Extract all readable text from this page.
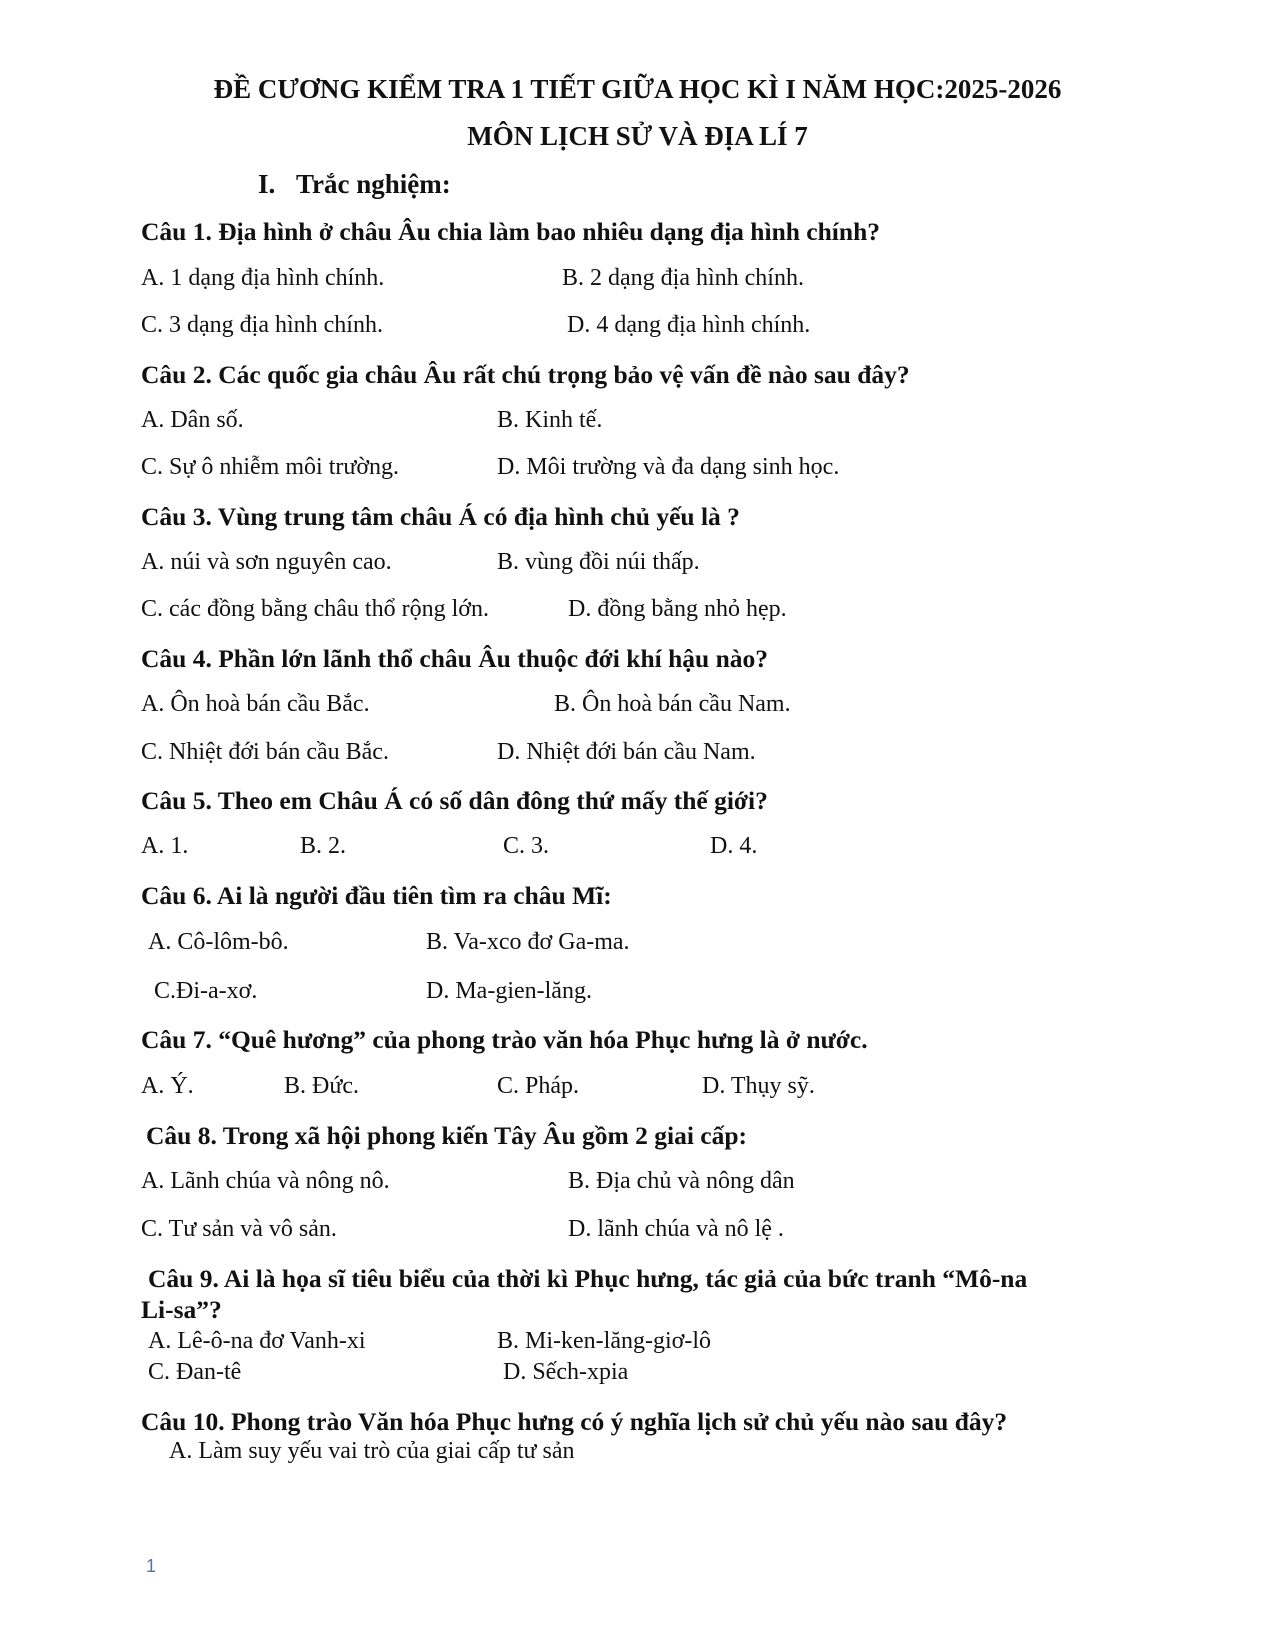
ĐỀ CƯƠNG KIỂM TRA 1 TIẾT GIỮA HỌC KÌ I NĂM HỌC:2025-2026
MÔN LỊCH SỬ VÀ ĐỊA LÍ 7
I. Trắc nghiệm:
Câu 1. Địa hình ở châu Âu chia làm bao nhiêu dạng địa hình chính?
A. 1 dạng địa hình chính.	B. 2 dạng địa hình chính.
C. 3 dạng địa hình chính.	D. 4 dạng địa hình chính.
Câu 2. Các quốc gia châu Âu rất chú trọng bảo vệ vấn đề nào sau đây?
A. Dân số.	B. Kinh tế.
C. Sự ô nhiễm môi trường.	D. Môi trường và đa dạng sinh học.
Câu 3. Vùng trung tâm châu Á có địa hình chủ yếu là ?
A. núi và sơn nguyên cao.	B. vùng đồi núi thấp.
C. các đồng bằng châu thổ rộng lớn.	D. đồng bằng nhỏ hẹp.
Câu 4. Phần lớn lãnh thổ châu Âu thuộc đới khí hậu nào?
A. Ôn hoà bán cầu Bắc.	B. Ôn hoà bán cầu Nam.
C. Nhiệt đới bán cầu Bắc.	D. Nhiệt đới bán cầu Nam.
Câu 5. Theo em Châu Á có số dân đông thứ mấy thế giới?
A. 1.	B. 2.	C. 3.	D. 4.
Câu 6. Ai là người đầu tiên tìm ra châu Mĩ:
A. Cô-lôm-bô.	B. Va-xco đơ Ga-ma.
C.Đi-a-xơ.	D. Ma-gien-lăng.
Câu 7. “Quê hương” của phong trào văn hóa Phục hưng là ở nước.
A. Ý.	B. Đức.	C. Pháp.	D. Thụy sỹ.
Câu 8. Trong xã hội phong kiến Tây Âu gồm 2 giai cấp:
A. Lãnh chúa và nông nô.	B. Địa chủ và nông dân
C. Tư sản và vô sản.	D. lãnh chúa và nô lệ .
Câu 9. Ai là họa sĩ tiêu biểu của thời kì Phục hưng, tác giả của bức tranh “Mô-na
Li-sa”?
A. Lê-ô-na đơ Vanh-xi	B. Mi-ken-lăng-giơ-lô
C. Đan-tê	D. Sếch-xpia
Câu 10. Phong trào Văn hóa Phục hưng có ý nghĩa lịch sử chủ yếu nào sau đây?
A. Làm suy yếu vai trò của giai cấp tư sản
1
